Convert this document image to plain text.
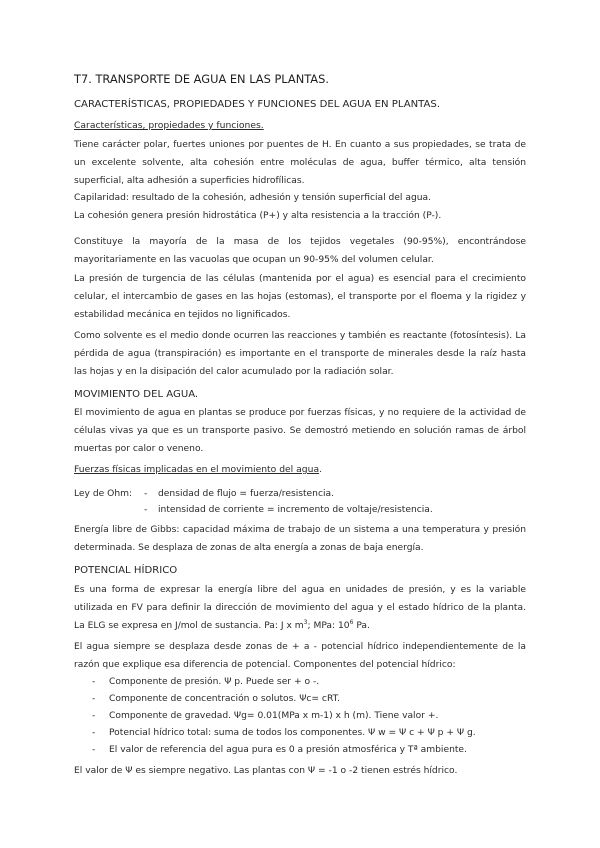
T7. TRANSPORTE DE AGUA EN LAS PLANTAS.
CARACTERÍSTICAS, PROPIEDADES Y FUNCIONES DEL AGUA EN PLANTAS.
Características, propiedades y funciones.

Tiene carácter polar, fuertes uniones por puentes de H. En cuanto a sus propiedades, se trata de un excelente solvente, alta cohesión entre moléculas de agua, buffer térmico, alta tensión superficial, alta adhesión a superficies hidrofílicas.

Capilaridad: resultado de la cohesión, adhesión y tensión superficial del agua.
La cohesión genera presión hidrostática (P+) y alta resistencia a la tracción (P-).

Constituye la mayoría de la masa de los tejidos vegetales (90-95%), encontrándose mayoritariamente en las vacuolas que ocupan un 90-95% del volumen celular.

La presión de turgencia de las células (mantenida por el agua) es esencial para el crecimiento celular, el intercambio de gases en las hojas (estomas), el transporte por el floema y la rigidez y estabilidad mecánica en tejidos no lignificados.

Como solvente es el medio donde ocurren las reacciones y también es reactante (fotosíntesis). La pérdida de agua (transpiración) es importante en el transporte de minerales desde la raíz hasta las hojas y en la disipación del calor acumulado por la radiación solar.

MOVIMIENTO DEL AGUA.

El movimiento de agua en plantas se produce por fuerzas físicas, y no requiere de la actividad de células vivas ya que es un transporte pasivo. Se demostró metiendo en solución ramas de árbol muertas por calor o veneno.

Fuerzas físicas implicadas en el movimiento del agua.
Ley de Ohm: - densidad de flujo = fuerza/resistencia.
- intensidad de corriente = incremento de voltaje/resistencia.

Energía libre de Gibbs: capacidad máxima de trabajo de un sistema a una temperatura y presión determinada. Se desplaza de zonas de alta energía a zonas de baja energía.

POTENCIAL HÍDRICO

Es una forma de expresar la energía libre del agua en unidades de presión, y es la variable utilizada en FV para definir la dirección de movimiento del agua y el estado hídrico de la planta. La ELG se expresa en J/mol de sustancia. Pa: J x $m^3$; MPa: $10^6$ Pa.

El agua siempre se desplaza desde zonas de + a - potencial hídrico independientemente de la razón que explique esa diferencia de potencial. Componentes del potencial hídrico:

- Componente de presión. Ψ p. Puede ser + o -.
- Componente de concentración o solutos. Ψc= cRT.
- Componente de gravedad. Ψg= 0.01(MPa x m-1) x h (m). Tiene valor +.
- Potencial hídrico total: suma de todos los componentes. Ψ w = Ψ c + Ψ p + Ψ g.
- El valor de referencia del agua pura es 0 a presión atmosférica y Tª ambiente.
El valor de Ψ es siempre negativo. Las plantas con Ψ = -1 o -2 tienen estrés hídrico.
